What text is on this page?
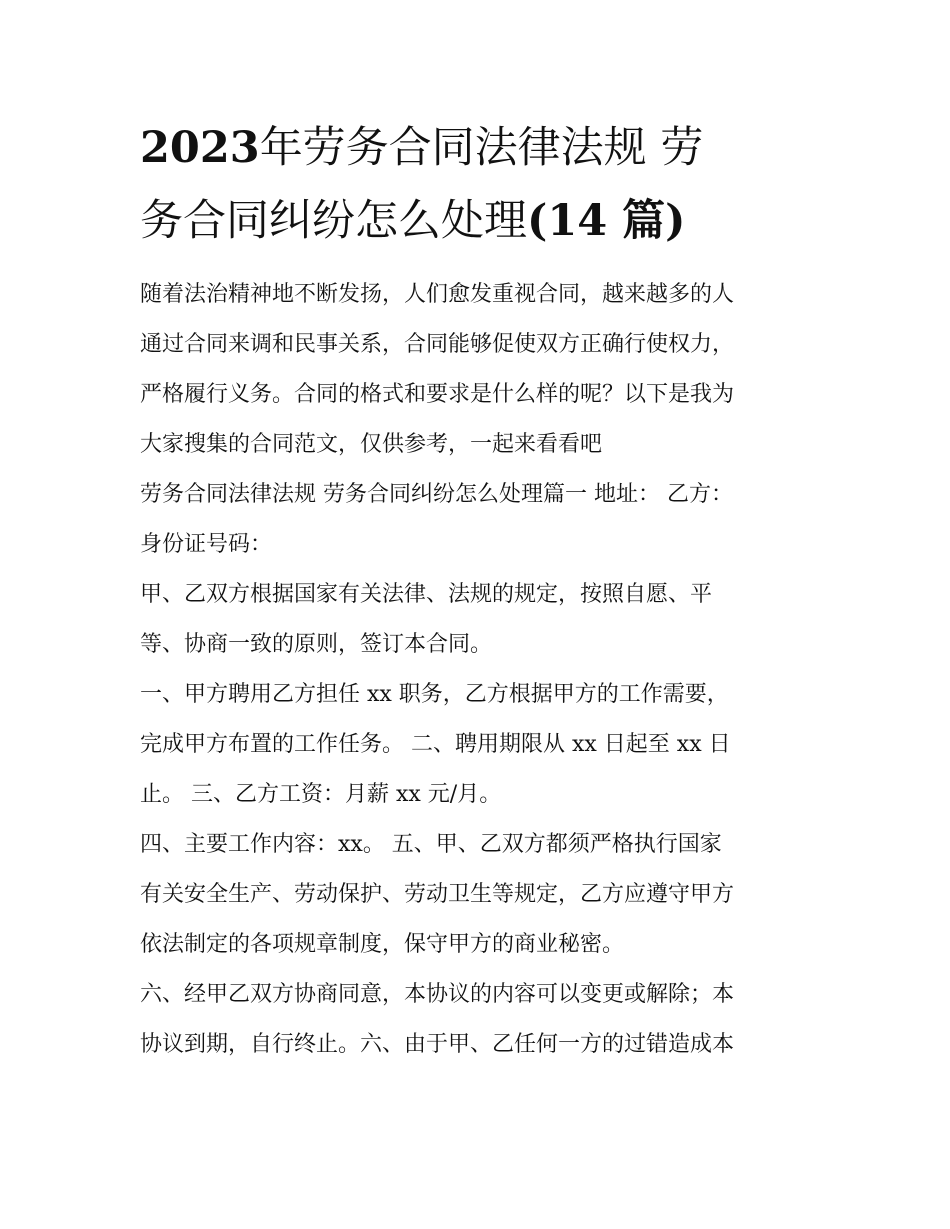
2023年劳务合同法律法规 劳
务合同纠纷怎么处理(14 篇)

随着法治精神地不断发扬，人们愈发重视合同，越来越多的人
通过合同来调和民事关系，合同能够促使双方正确行使权力，
严格履行义务。合同的格式和要求是什么样的呢？以下是我为
大家搜集的合同范文，仅供参考，一起来看看吧

劳务合同法律法规 劳务合同纠纷怎么处理篇一 地址： 乙方：
身份证号码：

甲、乙双方根据国家有关法律、法规的规定，按照自愿、平
等、协商一致的原则，签订本合同。

一、甲方聘用乙方担任 xx 职务，乙方根据甲方的工作需要，
完成甲方布置的工作任务。 二、聘用期限从 xx 日起至 xx 日
止。 三、乙方工资：月薪 xx 元/月。

四、主要工作内容：xx。 五、甲、乙双方都须严格执行国家
有关安全生产、劳动保护、劳动卫生等规定，乙方应遵守甲方
依法制定的各项规章制度，保守甲方的商业秘密。

六、经甲乙双方协商同意，本协议的内容可以变更或解除；本
协议到期，自行终止。六、由于甲、乙任何一方的过错造成本
